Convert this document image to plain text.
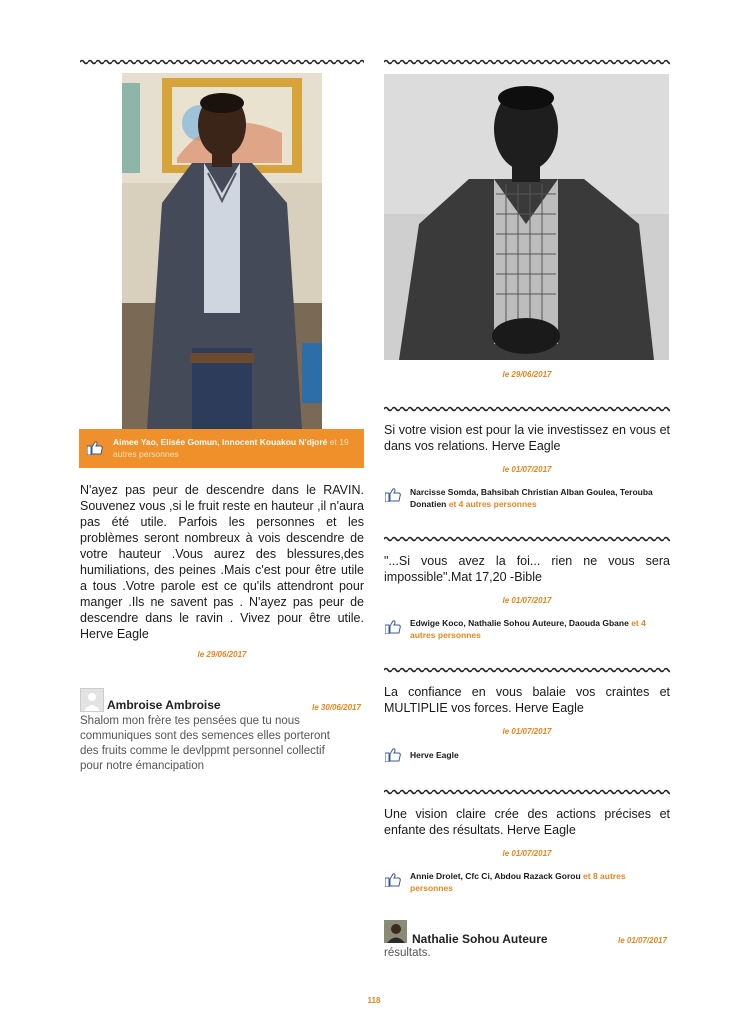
Aimee Yao, Elisée Gomun, Innocent Kouakou N'djoré et 19 autres personnes
N'ayez pas peur de descendre dans le RAVIN. Souvenez vous ,si le fruit reste en hauteur ,il n'aura pas été utile. Parfois les personnes et les problèmes seront nombreux à vois descendre de votre hauteur .Vous aurez des blessures,des humiliations, des peines .Mais c'est pour être utile a tous .Votre parole est ce qu'ils attendront pour manger .Ils ne savent pas . N'ayez pas peur de descendre dans le ravin . Vivez pour être utile. Herve Eagle
le 29/06/2017
Ambroise Ambroise	le 30/06/2017
Shalom mon frère tes pensées que tu nous communiques sont des semences elles porteront des fruits comme le devlppmt personnel collectif pour notre émancipation
le 29/06/2017
Si votre vision est pour la vie investissez en vous et dans vos relations. Herve Eagle
le 01/07/2017
Narcisse Somda, Bahsibah Christian Alban Goulea, Terouba Donatien et 4 autres personnes
"...Si vous avez la foi... rien ne vous sera impossible".Mat 17,20 -Bible
le 01/07/2017
Edwige Koco, Nathalie Sohou Auteure, Daouda Gbane et 4 autres personnes
La confiance en vous balaie vos craintes et MULTIPLIE vos forces. Herve Eagle
le 01/07/2017
Herve Eagle
Une vision claire crée des actions précises et enfante des résultats. Herve Eagle
le 01/07/2017
Annie Drolet, Cfc Ci, Abdou Razack Gorou et 8 autres personnes
Nathalie Sohou Auteure	le 01/07/2017
résultats.
118
